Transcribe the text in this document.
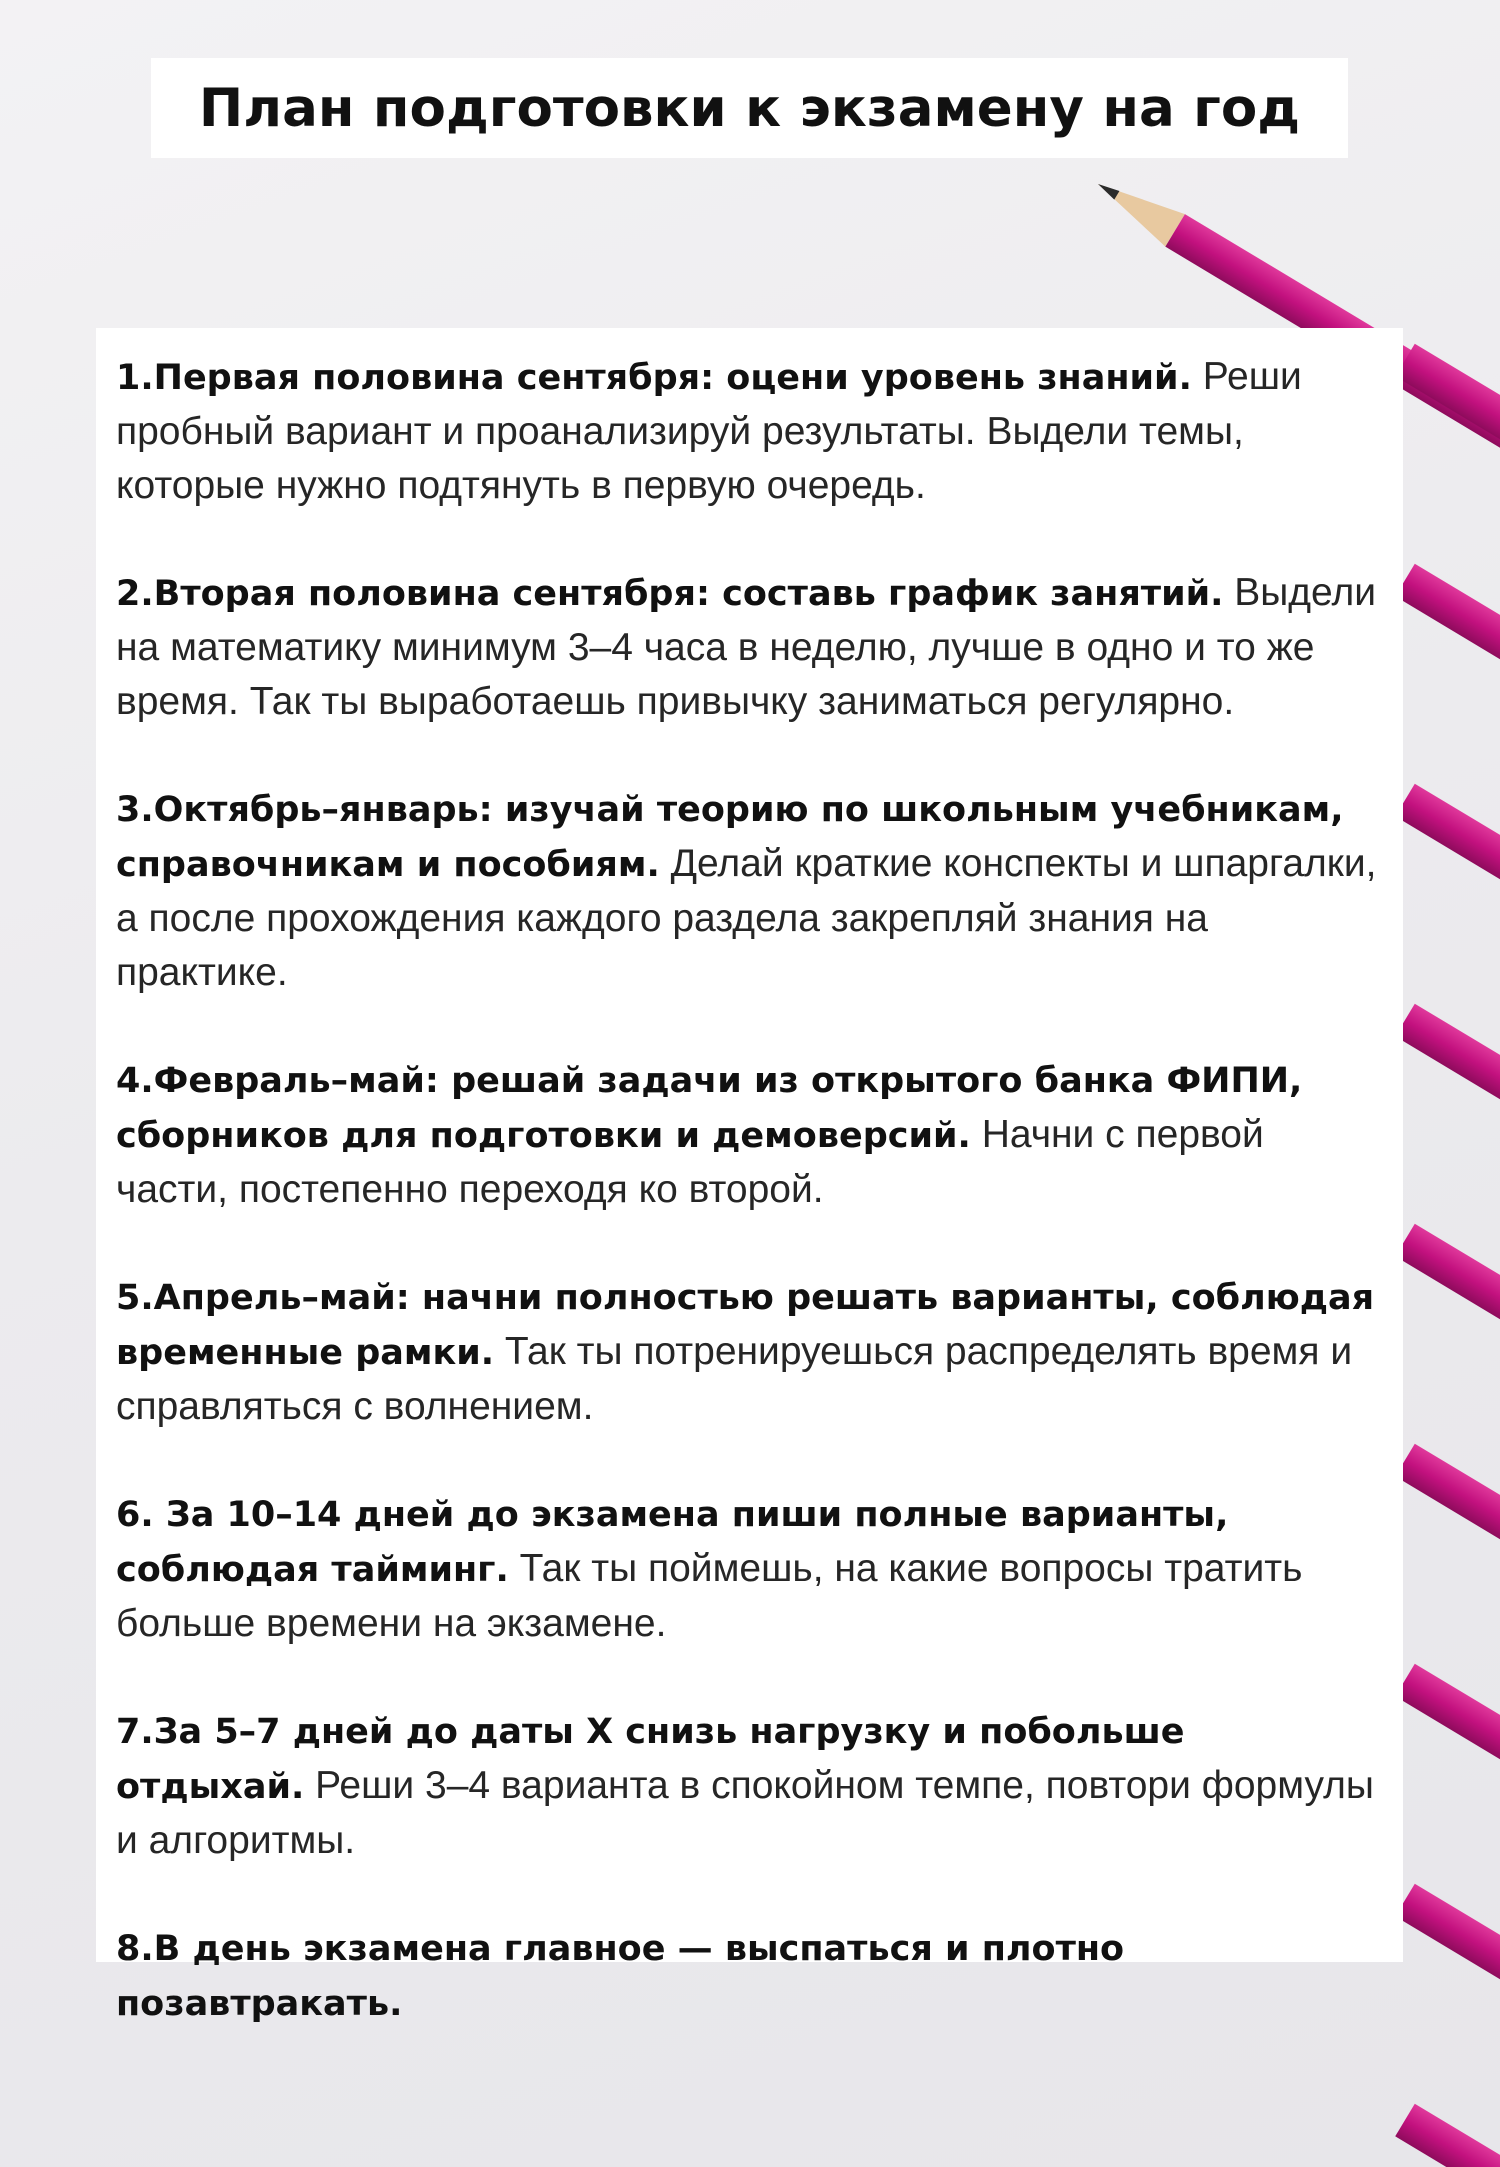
План подготовки к экзамену на год

1.Первая половина сентября: оцени уровень знаний. Реши пробный вариант и проанализируй результаты. Выдели темы, которые нужно подтянуть в первую очередь.

2.Вторая половина сентября: составь график занятий. Выдели на математику минимум 3–4 часа в неделю, лучше в одно и то же время. Так ты выработаешь привычку заниматься регулярно.

3.Октябрь–январь: изучай теорию по школьным учебникам, справочникам и пособиям. Делай краткие конспекты и шпаргалки, а после прохождения каждого раздела закрепляй знания на практике.

4.Февраль–май: решай задачи из открытого банка ФИПИ, сборников для подготовки и демоверсий. Начни с первой части, постепенно переходя ко второй.

5.Апрель–май: начни полностью решать варианты, соблюдая временные рамки. Так ты потренируешься распределять время и справляться с волнением.

6. За 10–14 дней до экзамена пиши полные варианты, соблюдая тайминг. Так ты поймешь, на какие вопросы тратить больше времени на экзамене.

7.За 5–7 дней до даты Х снизь нагрузку и побольше отдыхай. Реши 3–4 варианта в спокойном темпе, повтори формулы и алгоритмы.

8.В день экзамена главное — выспаться и плотно позавтракать.
